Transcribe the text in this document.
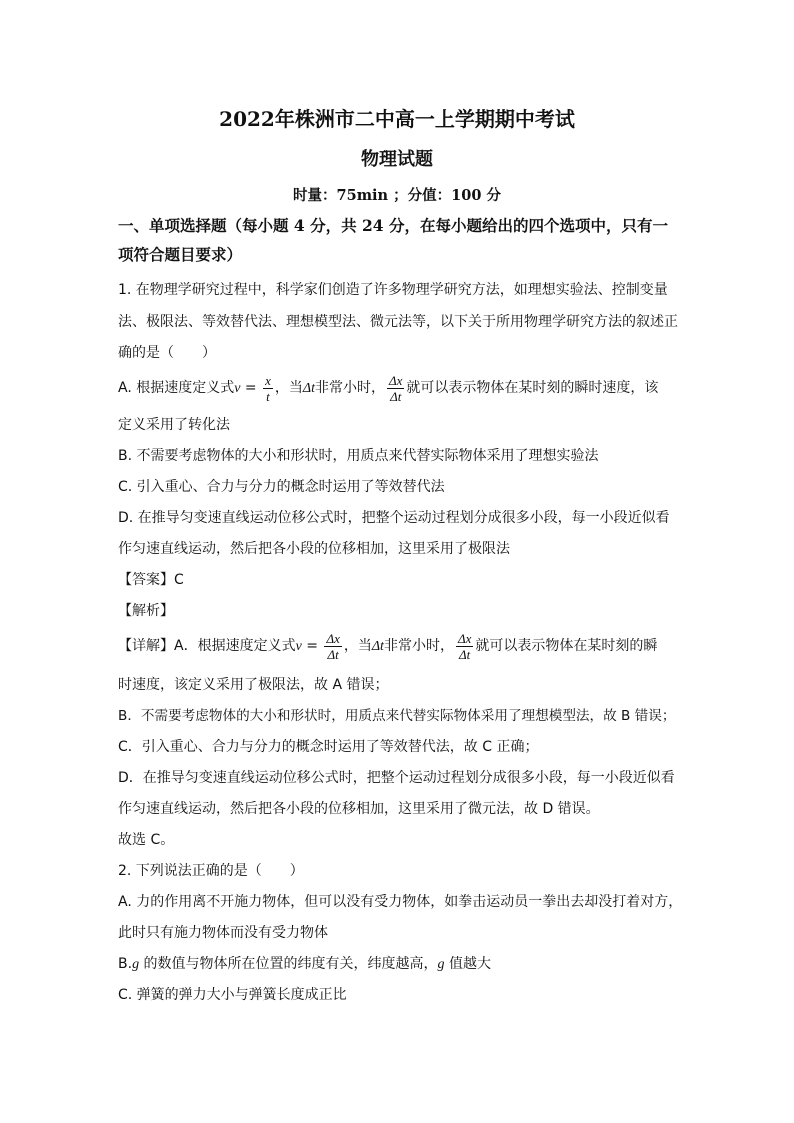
2022年株洲市二中高一上学期期中考试
物理试题
时量：75min ；分值：100 分
一、单项选择题（每小题 4 分，共 24 分，在每小题给出的四个选项中，只有一
项符合题目要求）
1. 在物理学研究过程中，科学家们创造了许多物理学研究方法，如理想实验法、控制变量
法、极限法、等效替代法、理想模型法、微元法等，以下关于所用物理学研究方法的叙述正
确的是（　　）
A. 根据速度定义式$v = \frac{x}{t}$ ，当Δt非常小时， $\frac{\Delta x}{\Delta t}$ 就可以表示物体在某时刻的瞬时速度，该
定义采用了转化法
B. 不需要考虑物体的大小和形状时，用质点来代替实际物体采用了理想实验法
C. 引入重心、合力与分力的概念时运用了等效替代法
D. 在推导匀变速直线运动位移公式时，把整个运动过程划分成很多小段，每一小段近似看
作匀速直线运动，然后把各小段的位移相加，这里采用了极限法
【答案】C
【解析】
【详解】A．根据速度定义式$v = \frac{\Delta x}{\Delta t}$ ，当Δt非常小时， $\frac{\Delta x}{\Delta t}$ 就可以表示物体在某时刻的瞬
时速度，该定义采用了极限法，故 A 错误；
B．不需要考虑物体的大小和形状时，用质点来代替实际物体采用了理想模型法，故 B 错误；
C．引入重心、合力与分力的概念时运用了等效替代法，故 C 正确；
D．在推导匀变速直线运动位移公式时，把整个运动过程划分成很多小段，每一小段近似看
作匀速直线运动，然后把各小段的位移相加，这里采用了微元法，故 D 错误。
故选 C。
2. 下列说法正确的是（　　）
A. 力的作用离不开施力物体，但可以没有受力物体，如拳击运动员一拳出去却没打着对方，
此时只有施力物体而没有受力物体
B.g 的数值与物体所在位置的纬度有关，纬度越高，g 值越大
C. 弹簧的弹力大小与弹簧长度成正比
